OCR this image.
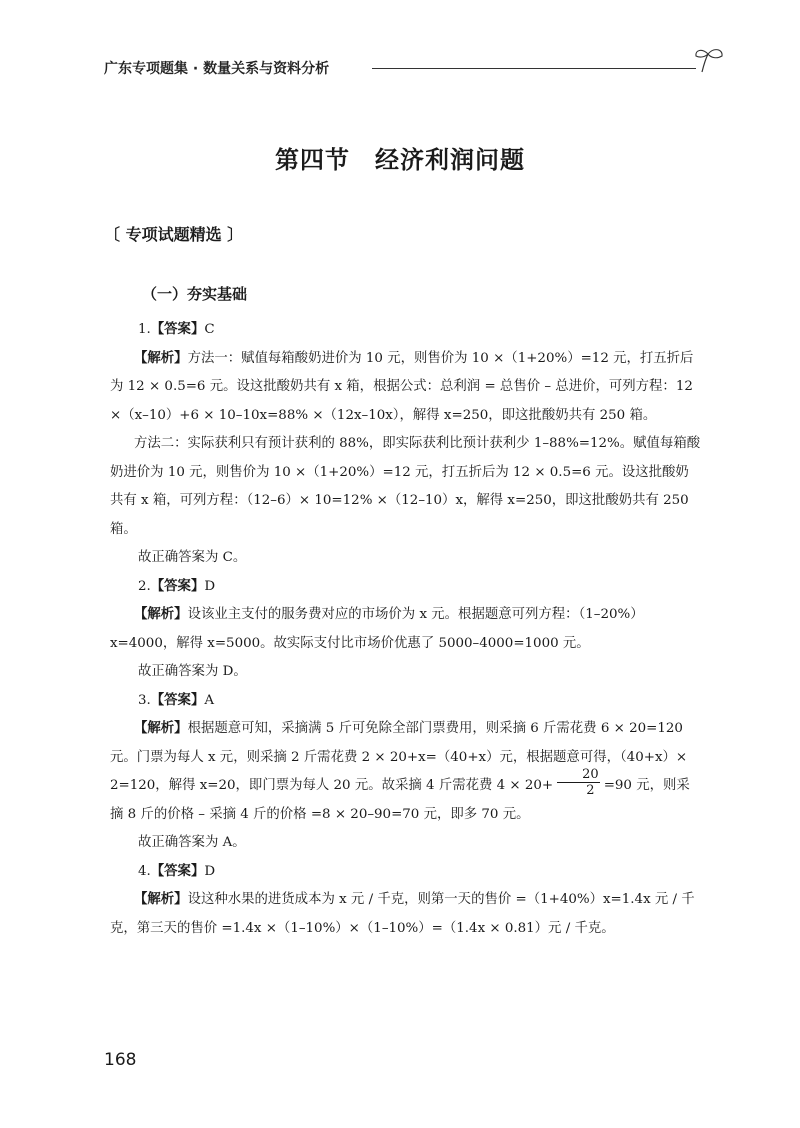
广东专项题集 · 数量关系与资料分析
第四节　经济利润问题
〔 专项试题精选 〕
（一）夯实基础

1.【答案】C

【解析】方法一：赋值每箱酸奶进价为 10 元，则售价为 10 ×（1+20%）=12 元，打五折后为 12 × 0.5=6 元。设这批酸奶共有 x 箱，根据公式：总利润 = 总售价 – 总进价，可列方程：12 ×（x–10）+6 × 10–10x=88% ×（12x–10x），解得 x=250，即这批酸奶共有 250 箱。

方法二：实际获利只有预计获利的 88%，即实际获利比预计获利少 1–88%=12%。赋值每箱酸奶进价为 10 元，则售价为 10 ×（1+20%）=12 元，打五折后为 12 × 0.5=6 元。设这批酸奶共有 x 箱，可列方程：（12–6）× 10=12% ×（12–10）x，解得 x=250，即这批酸奶共有 250 箱。

故正确答案为 C。

2.【答案】D

【解析】设该业主支付的服务费对应的市场价为 x 元。根据题意可列方程：（1–20%）x=4000，解得 x=5000。故实际支付比市场价优惠了 5000–4000=1000 元。

故正确答案为 D。

3.【答案】A

【解析】根据题意可知，采摘满 5 斤可免除全部门票费用，则采摘 6 斤需花费 6 × 20=120 元。门票为每人 x 元，则采摘 2 斤需花费 2 × 20+x=（40+x）元，根据题意可得，（40+x）× 2=120，解得 x=20，即门票为每人 20 元。故采摘 4 斤需花费 $4 \times 20+ \frac{20}{2} =90$ 元，则采摘 8 斤的价格 – 采摘 4 斤的价格 =8 × 20–90=70 元，即多 70 元。

故正确答案为 A。

4.【答案】D

【解析】设这种水果的进货成本为 x 元 / 千克，则第一天的售价 =（1+40%）x=1.4x 元 / 千克，第三天的售价 =1.4x ×（1–10%）×（1–10%）=（1.4x × 0.81）元 / 千克。

168
